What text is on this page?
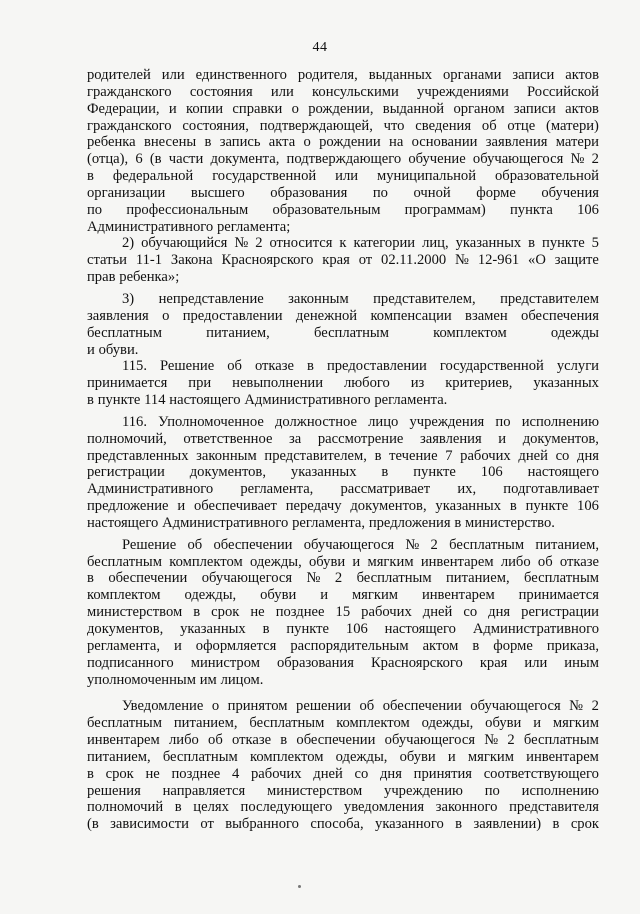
44
родителей или единственного родителя, выданных органами записи актов
гражданского состояния или консульскими учреждениями Российской
Федерации, и копии справки о рождении, выданной органом записи актов
гражданского состояния, подтверждающей, что сведения об отце (матери)
ребенка внесены в запись акта о рождении на основании заявления матери
(отца), 6 (в части документа, подтверждающего обучение обучающегося № 2
в федеральной государственной или муниципальной образовательной
организации высшего образования по очной форме обучения
по профессиональным образовательным программам) пункта 106
Административного регламента;
2) обучающийся № 2 относится к категории лиц, указанных в пункте 5
статьи 11-1 Закона Красноярского края от 02.11.2000 № 12-961 «О защите
прав ребенка»;
3) непредставление законным представителем, представителем
заявления о предоставлении денежной компенсации взамен обеспечения
бесплатным	питанием,	бесплатным	комплектом	одежды
и обуви.
115. Решение об отказе в предоставлении государственной услуги
принимается при невыполнении любого из критериев, указанных
в пункте 114 настоящего Административного регламента.
116. Уполномоченное должностное лицо учреждения по исполнению
полномочий, ответственное за рассмотрение заявления и документов,
представленных законным представителем, в течение 7 рабочих дней со дня
регистрации документов, указанных в пункте 106 настоящего
Административного регламента, рассматривает их, подготавливает
предложение и обеспечивает передачу документов, указанных в пункте 106
настоящего Административного регламента, предложения в министерство.
Решение об обеспечении обучающегося № 2 бесплатным питанием,
бесплатным комплектом одежды, обуви и мягким инвентарем либо об отказе
в обеспечении обучающегося № 2 бесплатным питанием, бесплатным
комплектом одежды, обуви и мягким инвентарем принимается
министерством в срок не позднее 15 рабочих дней со дня регистрации
документов, указанных в пункте 106 настоящего Административного
регламента, и оформляется распорядительным актом в форме приказа,
подписанного министром образования Красноярского края или иным
уполномоченным им лицом.
Уведомление о принятом решении об обеспечении обучающегося № 2
бесплатным питанием, бесплатным комплектом одежды, обуви и мягким
инвентарем либо об отказе в обеспечении обучающегося № 2 бесплатным
питанием, бесплатным комплектом одежды, обуви и мягким инвентарем
в срок не позднее 4 рабочих дней со дня принятия соответствующего
решения направляется министерством учреждению по исполнению
полномочий в целях последующего уведомления законного представителя
(в зависимости от выбранного способа, указанного в заявлении) в срок
